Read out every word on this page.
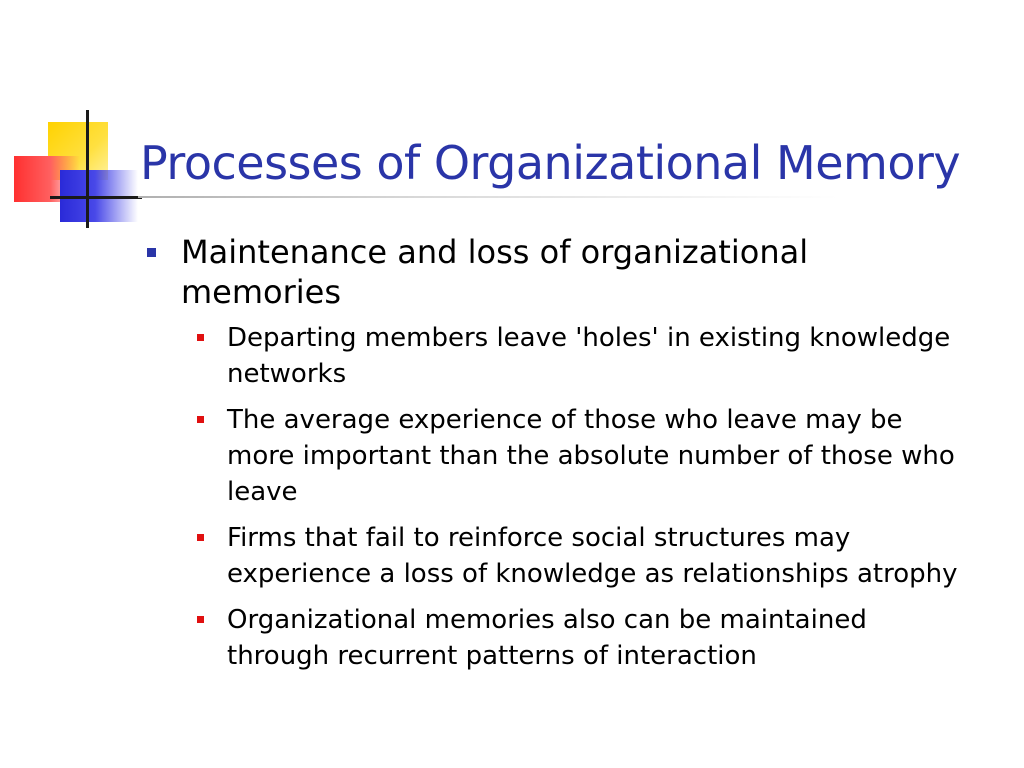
Processes of Organizational Memory
Maintenance and loss of organizational memories
Departing members leave 'holes' in existing knowledge networks
The average experience of those who leave may be more important than the absolute number of those who leave
Firms that fail to reinforce social structures may experience a loss of knowledge as relationships atrophy
Organizational memories also can be maintained through recurrent patterns of interaction
